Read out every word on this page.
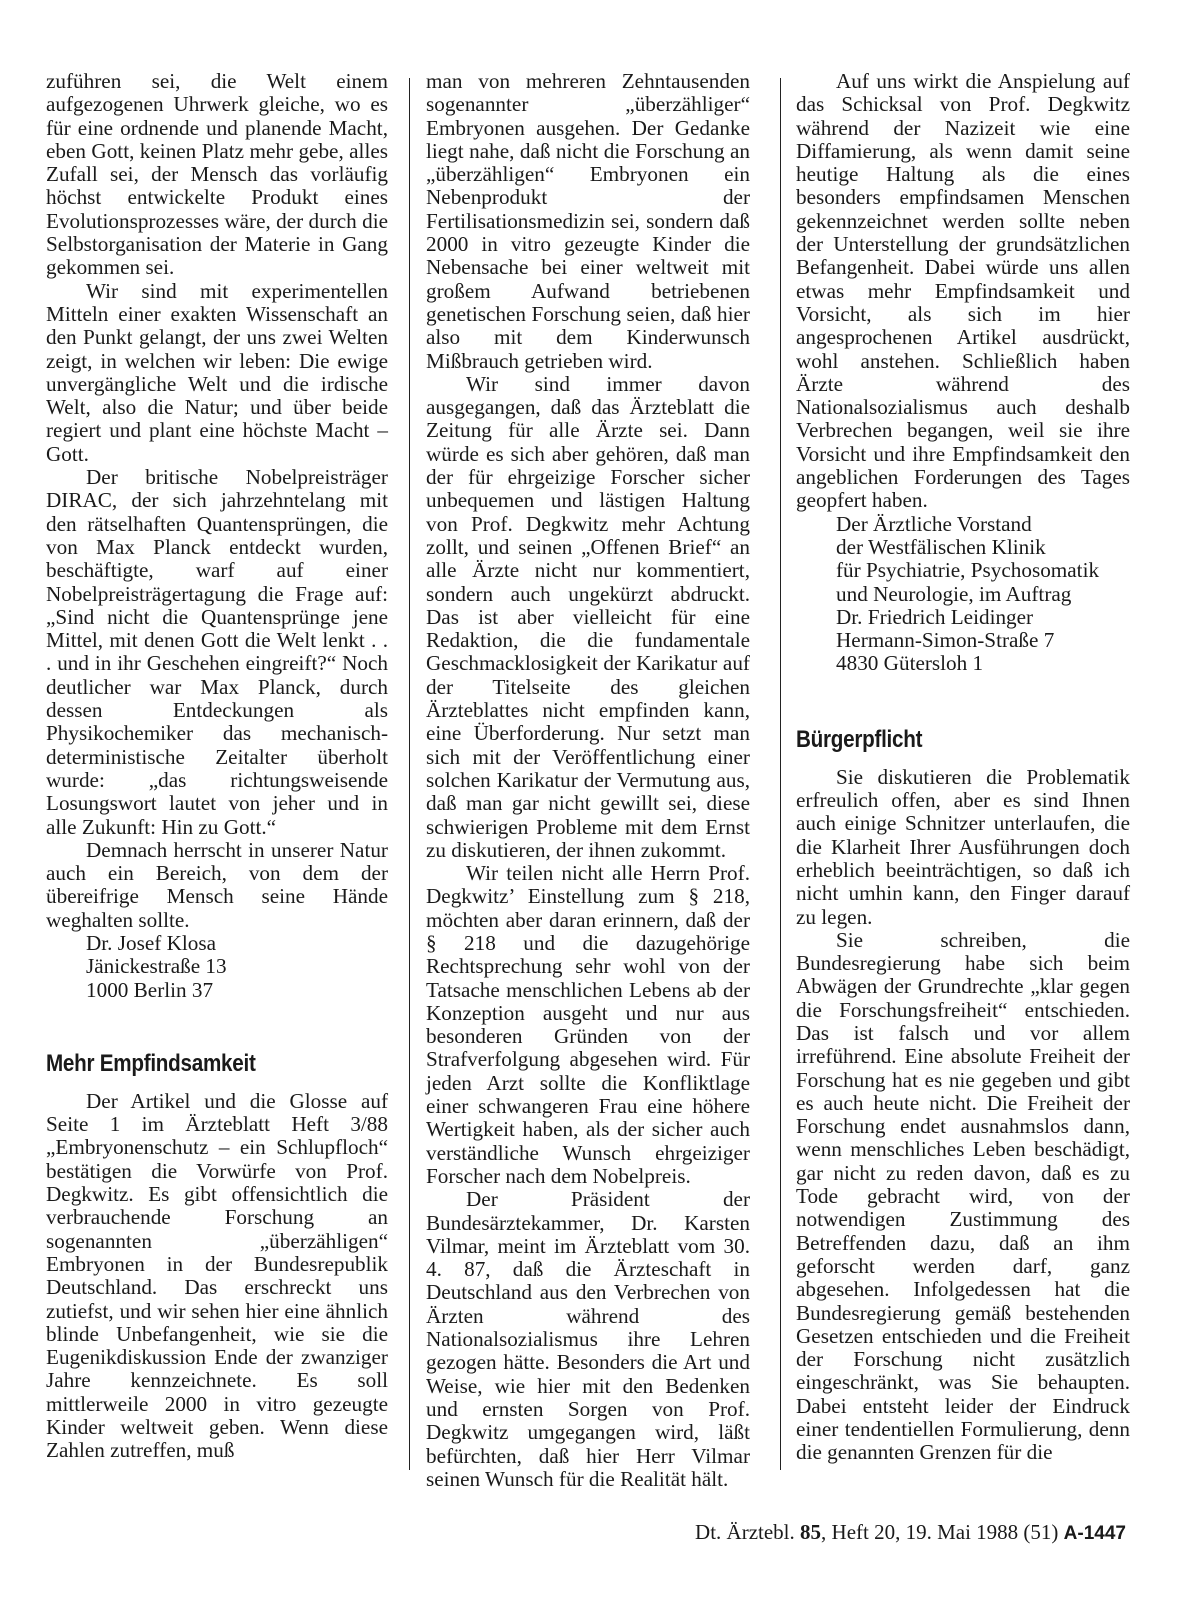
zuführen sei, die Welt einem aufgezogenen Uhrwerk gleiche, wo es für eine ordnende und planende Macht, eben Gott, keinen Platz mehr gebe, alles Zufall sei, der Mensch das vorläufig höchst entwickelte Produkt eines Evolutionsprozesses wäre, der durch die Selbstorganisation der Materie in Gang gekommen sei.

Wir sind mit experimentellen Mitteln einer exakten Wissenschaft an den Punkt gelangt, der uns zwei Welten zeigt, in welchen wir leben: Die ewige unvergängliche Welt und die irdische Welt, also die Natur; und über beide regiert und plant eine höchste Macht – Gott.

Der britische Nobelpreisträger DIRAC, der sich jahrzehntelang mit den rätselhaften Quantensprüngen, die von Max Planck entdeckt wurden, beschäftigte, warf auf einer Nobelpreisträgertagung die Frage auf: „Sind nicht die Quantensprünge jene Mittel, mit denen Gott die Welt lenkt . . . und in ihr Geschehen eingreift?“ Noch deutlicher war Max Planck, durch dessen Entdeckungen als Physikochemiker das mechanisch-deterministische Zeitalter überholt wurde: „das richtungsweisende Losungswort lautet von jeher und in alle Zukunft: Hin zu Gott.“

Demnach herrscht in unserer Natur auch ein Bereich, von dem der übereifrige Mensch seine Hände weghalten sollte.

Dr. Josef Klosa
Jänickestraße 13
1000 Berlin 37
Mehr Empfindsamkeit

Der Artikel und die Glosse auf Seite 1 im Ärzteblatt Heft 3/88 „Embryonenschutz – ein Schlupfloch“ bestätigen die Vorwürfe von Prof. Degkwitz. Es gibt offensichtlich die verbrauchende Forschung an sogenannten „überzähligen“ Embryonen in der Bundesrepublik Deutschland. Das erschreckt uns zutiefst, und wir sehen hier eine ähnlich blinde Unbefangenheit, wie sie die Eugenikdiskussion Ende der zwanziger Jahre kennzeichnete. Es soll mittlerweile 2000 in vitro gezeugte Kinder weltweit geben. Wenn diese Zahlen zutreffen, muß

man von mehreren Zehntausenden sogenannter „überzähliger“ Embryonen ausgehen. Der Gedanke liegt nahe, daß nicht die Forschung an „überzähligen“ Embryonen ein Nebenprodukt der Fertilisationsmedizin sei, sondern daß 2000 in vitro gezeugte Kinder die Nebensache bei einer weltweit mit großem Aufwand betriebenen genetischen Forschung seien, daß hier also mit dem Kinderwunsch Mißbrauch getrieben wird.

Wir sind immer davon ausgegangen, daß das Ärzteblatt die Zeitung für alle Ärzte sei. Dann würde es sich aber gehören, daß man der für ehrgeizige Forscher sicher unbequemen und lästigen Haltung von Prof. Degkwitz mehr Achtung zollt, und seinen „Offenen Brief“ an alle Ärzte nicht nur kommentiert, sondern auch ungekürzt abdruckt. Das ist aber vielleicht für eine Redaktion, die die fundamentale Geschmacklosigkeit der Karikatur auf der Titelseite des gleichen Ärzteblattes nicht empfinden kann, eine Überforderung. Nur setzt man sich mit der Veröffentlichung einer solchen Karikatur der Vermutung aus, daß man gar nicht gewillt sei, diese schwierigen Probleme mit dem Ernst zu diskutieren, der ihnen zukommt.

Wir teilen nicht alle Herrn Prof. Degkwitz’ Einstellung zum § 218, möchten aber daran erinnern, daß der § 218 und die dazugehörige Rechtsprechung sehr wohl von der Tatsache menschlichen Lebens ab der Konzeption ausgeht und nur aus besonderen Gründen von der Strafverfolgung abgesehen wird. Für jeden Arzt sollte die Konfliktlage einer schwangeren Frau eine höhere Wertigkeit haben, als der sicher auch verständliche Wunsch ehrgeiziger Forscher nach dem Nobelpreis.

Der Präsident der Bundesärztekammer, Dr. Karsten Vilmar, meint im Ärzteblatt vom 30. 4. 87, daß die Ärzteschaft in Deutschland aus den Verbrechen von Ärzten während des Nationalsozialismus ihre Lehren gezogen hätte. Besonders die Art und Weise, wie hier mit den Bedenken und ernsten Sorgen von Prof. Degkwitz umgegangen wird, läßt befürchten, daß hier Herr Vilmar seinen Wunsch für die Realität hält.

Auf uns wirkt die Anspielung auf das Schicksal von Prof. Degkwitz während der Nazizeit wie eine Diffamierung, als wenn damit seine heutige Haltung als die eines besonders empfindsamen Menschen gekennzeichnet werden sollte neben der Unterstellung der grundsätzlichen Befangenheit. Dabei würde uns allen etwas mehr Empfindsamkeit und Vorsicht, als sich im hier angesprochenen Artikel ausdrückt, wohl anstehen. Schließlich haben Ärzte während des Nationalsozialismus auch deshalb Verbrechen begangen, weil sie ihre Vorsicht und ihre Empfindsamkeit den angeblichen Forderungen des Tages geopfert haben.

Der Ärztliche Vorstand
der Westfälischen Klinik
für Psychiatrie, Psychosomatik
und Neurologie, im Auftrag
Dr. Friedrich Leidinger
Hermann-Simon-Straße 7
4830 Gütersloh 1
Bürgerpflicht

Sie diskutieren die Problematik erfreulich offen, aber es sind Ihnen auch einige Schnitzer unterlaufen, die die Klarheit Ihrer Ausführungen doch erheblich beeinträchtigen, so daß ich nicht umhin kann, den Finger darauf zu legen.

Sie schreiben, die Bundesregierung habe sich beim Abwägen der Grundrechte „klar gegen die Forschungsfreiheit“ entschieden. Das ist falsch und vor allem irreführend. Eine absolute Freiheit der Forschung hat es nie gegeben und gibt es auch heute nicht. Die Freiheit der Forschung endet ausnahmslos dann, wenn menschliches Leben beschädigt, gar nicht zu reden davon, daß es zu Tode gebracht wird, von der notwendigen Zustimmung des Betreffenden dazu, daß an ihm geforscht werden darf, ganz abgesehen. Infolgedessen hat die Bundesregierung gemäß bestehenden Gesetzen entschieden und die Freiheit der Forschung nicht zusätzlich eingeschränkt, was Sie behaupten. Dabei entsteht leider der Eindruck einer tendentiellen Formulierung, denn die genannten Grenzen für die

Dt. Ärztebl. 85, Heft 20, 19. Mai 1988 (51) A-1447
